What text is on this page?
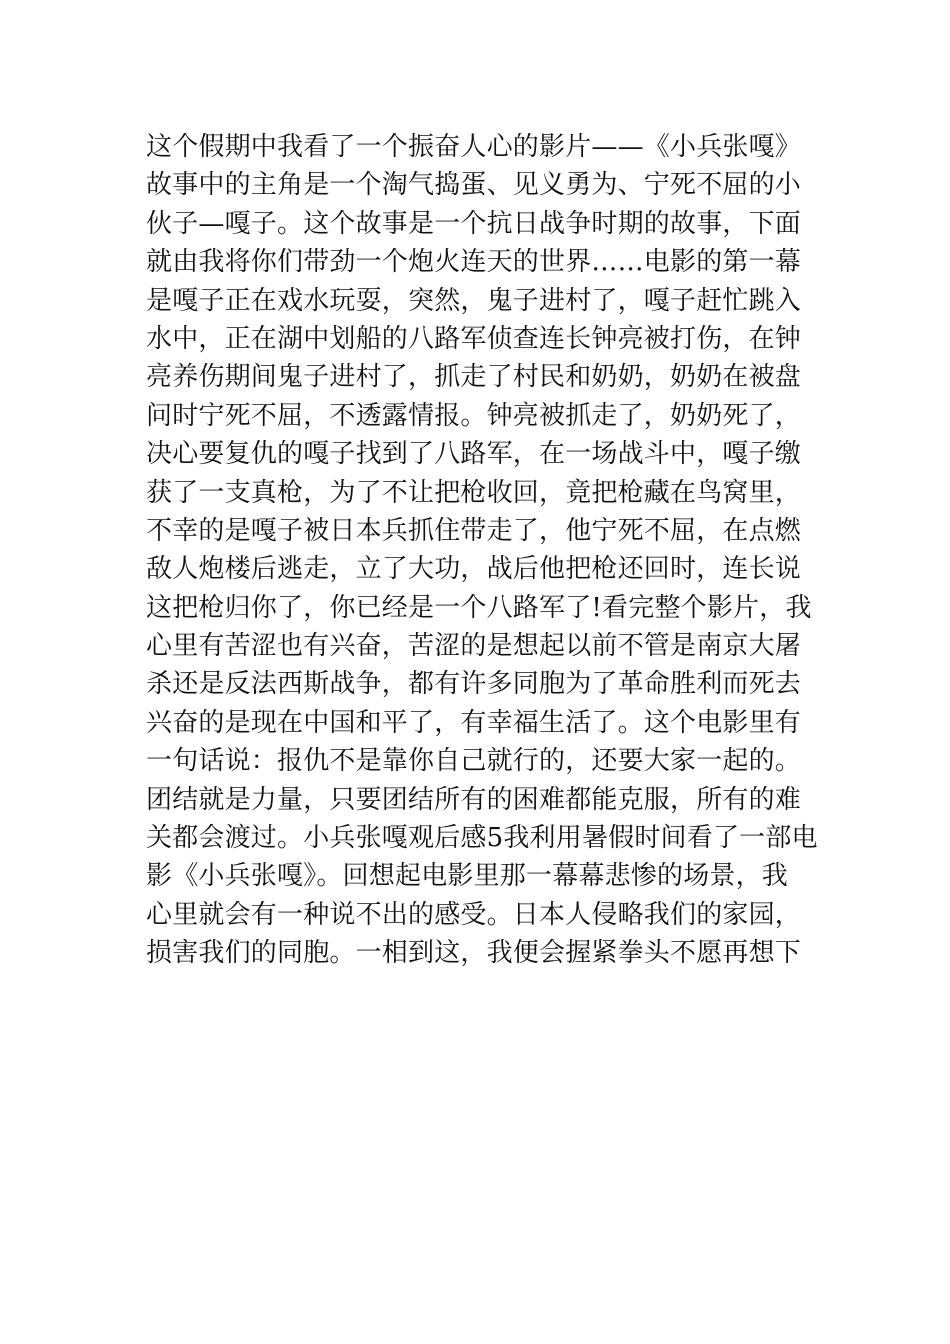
这个假期中我看了一个振奋人心的影片——《小兵张嘎》
故事中的主角是一个淘气捣蛋、见义勇为、宁死不屈的小
伙子—嘎子。这个故事是一个抗日战争时期的故事，下面
就由我将你们带劲一个炮火连天的世界……电影的第一幕
是嘎子正在戏水玩耍，突然，鬼子进村了，嘎子赶忙跳入
水中，正在湖中划船的八路军侦查连长钟亮被打伤，在钟
亮养伤期间鬼子进村了，抓走了村民和奶奶，奶奶在被盘
问时宁死不屈，不透露情报。钟亮被抓走了，奶奶死了，
决心要复仇的嘎子找到了八路军，在一场战斗中，嘎子缴
获了一支真枪，为了不让把枪收回，竟把枪藏在鸟窝里，
不幸的是嘎子被日本兵抓住带走了，他宁死不屈，在点燃
敌人炮楼后逃走，立了大功，战后他把枪还回时，连长说
这把枪归你了，你已经是一个八路军了!看完整个影片，我
心里有苦涩也有兴奋，苦涩的是想起以前不管是南京大屠
杀还是反法西斯战争，都有许多同胞为了革命胜利而死去
兴奋的是现在中国和平了，有幸福生活了。这个电影里有
一句话说：报仇不是靠你自己就行的，还要大家一起的。
团结就是力量，只要团结所有的困难都能克服，所有的难
关都会渡过。小兵张嘎观后感5我利用暑假时间看了一部电
影《小兵张嘎》。回想起电影里那一幕幕悲惨的场景，我
心里就会有一种说不出的感受。日本人侵略我们的家园，
损害我们的同胞。一相到这，我便会握紧拳头不愿再想下
